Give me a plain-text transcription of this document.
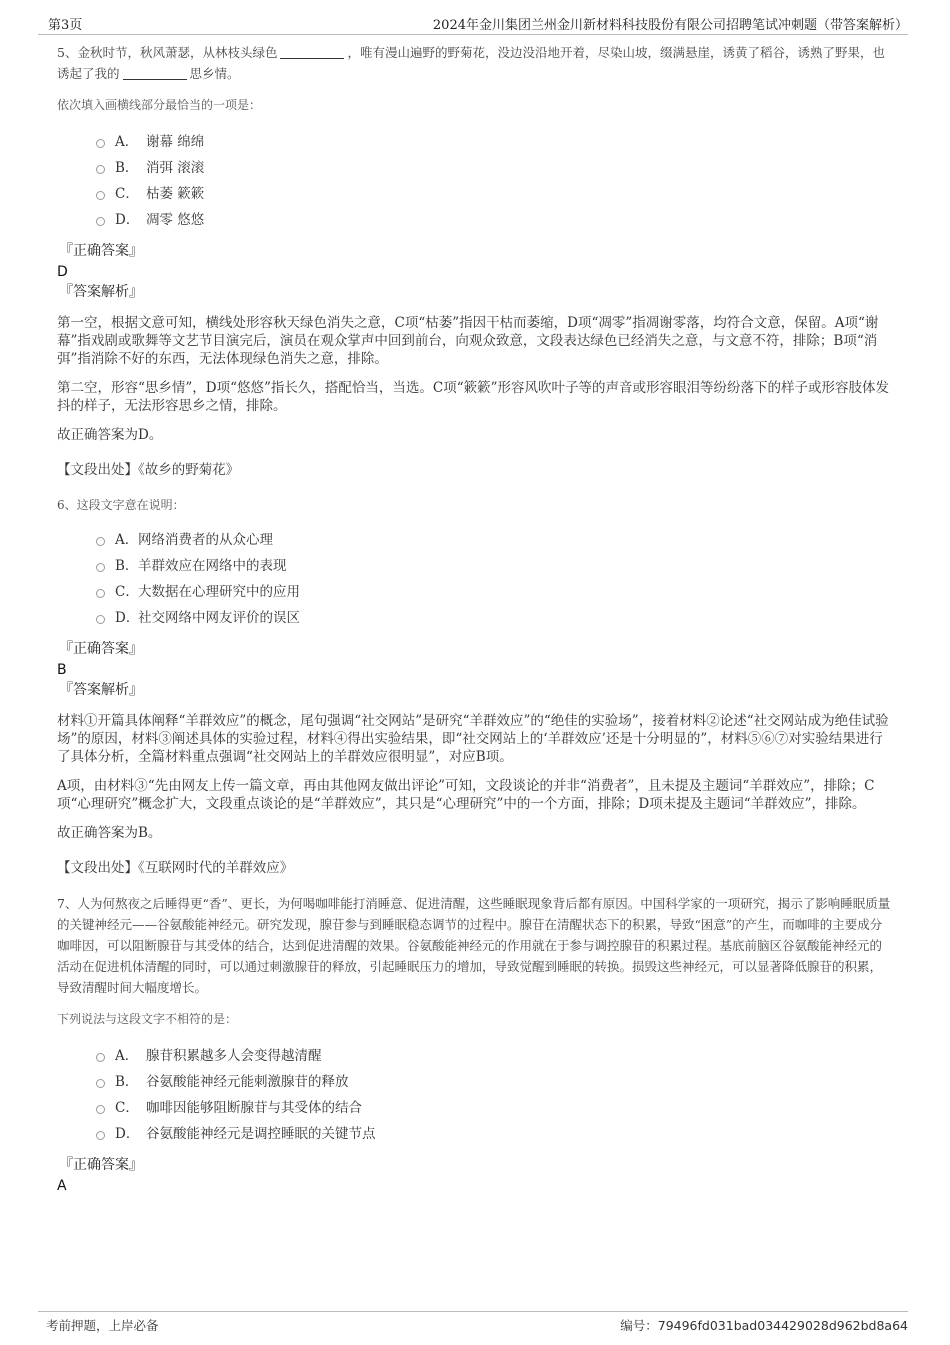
第3页	2024年金川集团兰州金川新材料科技股份有限公司招聘笔试冲刺题（带答案解析）

5、金秋时节，秋风萧瑟，从林枝头绿色	，唯有漫山遍野的野菊花，没边没沿地开着，尽染山坡，缀满悬崖，诱黄了稻谷，诱熟了野果，也诱起了我的	思乡情。

依次填入画横线部分最恰当的一项是：

A． 谢幕 绵绵
B． 消弭 滚滚
C． 枯萎 簌簌
D． 凋零 悠悠

『正确答案』

D

『答案解析』

第一空，根据文意可知，横线处形容秋天绿色消失之意，C项“枯萎”指因干枯而萎缩，D项“凋零”指凋谢零落，均符合文意，保留。A项“谢幕”指戏剧或歌舞等文艺节目演完后，演员在观众掌声中回到前台，向观众致意，文段表达绿色已经消失之意，与文意不符，排除；B项“消弭”指消除不好的东西，无法体现绿色消失之意，排除。

第二空，形容“思乡情”，D项“悠悠”指长久，搭配恰当，当选。C项“簌簌”形容风吹叶子等的声音或形容眼泪等纷纷落下的样子或形容肢体发抖的样子，无法形容思乡之情，排除。

故正确答案为D。

【文段出处】《故乡的野菊花》

6、这段文字意在说明：

A． 网络消费者的从众心理
B． 羊群效应在网络中的表现
C． 大数据在心理研究中的应用
D．
社交网络中网友评价的误区

『正确答案』

B

『答案解析』

材料①开篇具体阐释“羊群效应”的概念，尾句强调“社交网站”是研究“羊群效应”的“绝佳的实验场”，接着材料②论述“社交网站成为绝佳试验场”的原因，材料③阐述具体的实验过程，材料④得出实验结果，即“社交网站上的‘羊群效应’还是十分明显的”，材料⑤⑥⑦对实验结果进行了具体分析，全篇材料重点强调“社交网站上的羊群效应很明显”，对应B项。

A项，由材料③“先由网友上传一篇文章，再由其他网友做出评论”可知，文段谈论的并非“消费者”，且未提及主题词“羊群效应”，排除；C项“心理研究”概念扩大，文段重点谈论的是“羊群效应”，其只是“心理研究”中的一个方面，排除；D项未提及主题词“羊群效应”，排除。

故正确答案为B。

【文段出处】《互联网时代的羊群效应》

7、人为何熬夜之后睡得更“香”、更长，为何喝咖啡能打消睡意、促进清醒，这些睡眠现象背后都有原因。中国科学家的一项研究，揭示了影响睡眠质量的关键神经元——谷氨酸能神经元。研究发现，腺苷参与到睡眠稳态调节的过程中。腺苷在清醒状态下的积累，导致“困意”的产生，而咖啡的主要成分咖啡因，可以阻断腺苷与其受体的结合，达到促进清醒的效果。谷氨酸能神经元的作用就在于参与调控腺苷的积累过程。基底前脑区谷氨酸能神经元的活动在促进机体清醒的同时，可以通过刺激腺苷的释放，引起睡眠压力的增加，导致觉醒到睡眠的转换。损毁这些神经元，可以显著降低腺苷的积累，导致清醒时间大幅度增长。

下列说法与这段文字不相符的是：

A． 腺苷积累越多人会变得越清醒
B． 谷氨酸能神经元能刺激腺苷的释放
C． 咖啡因能够阻断腺苷与其受体的结合
D． 谷氨酸能神经元是调控睡眠的关键节点

『正确答案』

A

考前押题，上岸必备	编号：79496fd031bad034429028d962bd8a64
